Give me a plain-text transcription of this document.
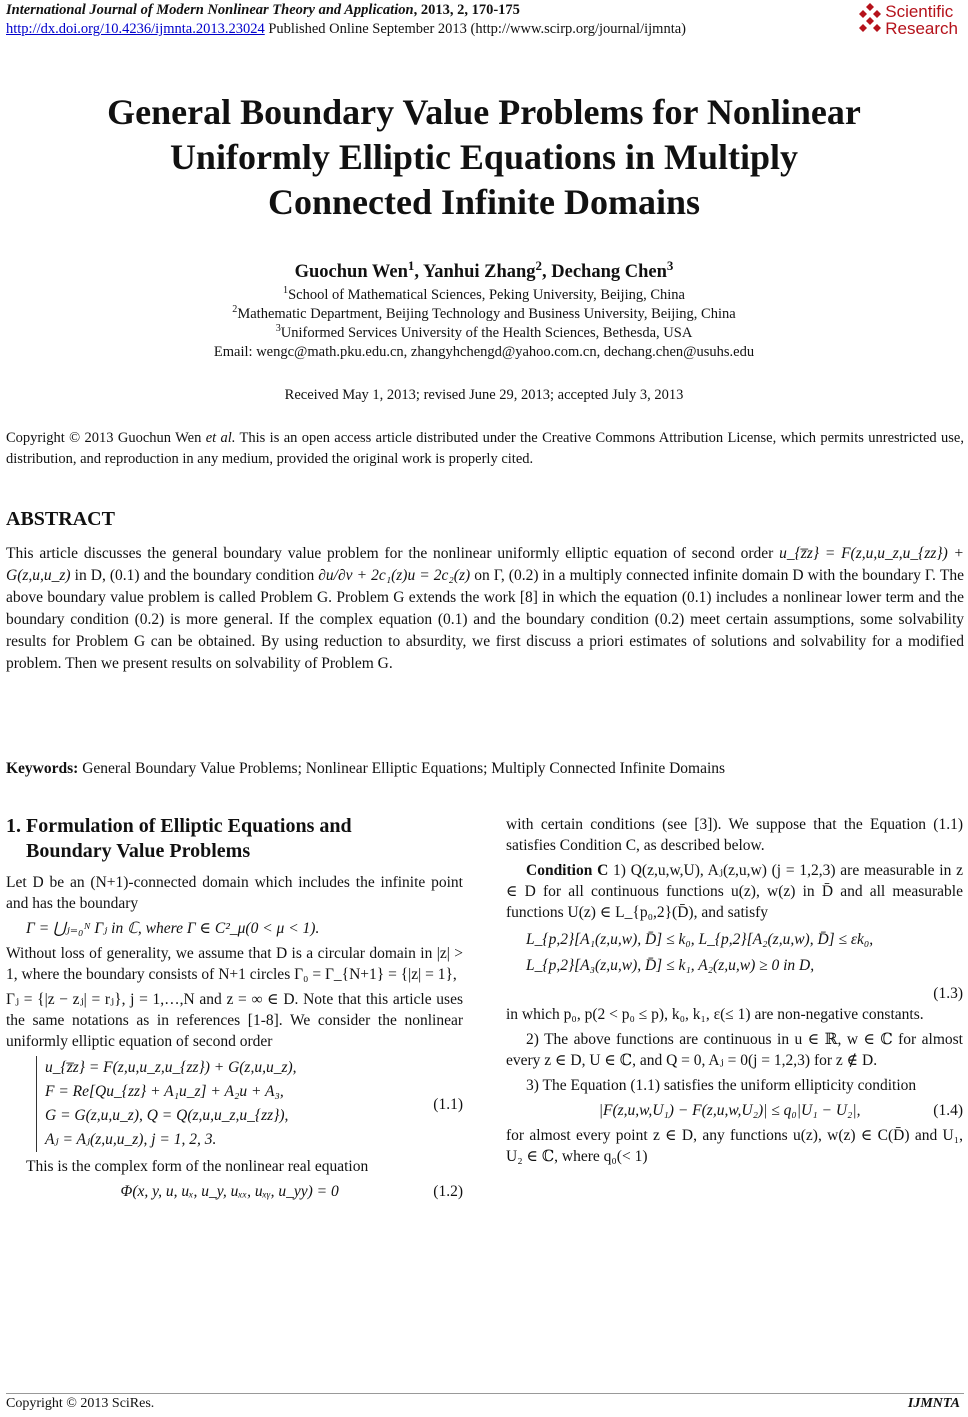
International Journal of Modern Nonlinear Theory and Application, 2013, 2, 170-175
http://dx.doi.org/10.4236/ijmnta.2013.23024 Published Online September 2013 (http://www.scirp.org/journal/ijmnta)
Scientific
Research
General Boundary Value Problems for Nonlinear
Uniformly Elliptic Equations in Multiply
Connected Infinite Domains
Guochun Wen$^1$, Yanhui Zhang$^2$, Dechang Chen$^3$
$^1$School of Mathematical Sciences, Peking University, Beijing, China
$^2$Mathematic Department, Beijing Technology and Business University, Beijing, China
$^3$Uniformed Services University of the Health Sciences, Bethesda, USA
Email: wengc@math.pku.edu.cn, zhangyhchengd@yahoo.com.cn, dechang.chen@usuhs.edu
Received May 1, 2013; revised June 29, 2013; accepted July 3, 2013
Copyright © 2013 Guochun Wen et al. This is an open access article distributed under the Creative Commons Attribution License, which permits unrestricted use, distribution, and reproduction in any medium, provided the original work is properly cited.
ABSTRACT
This article discusses the general boundary value problem for the nonlinear uniformly elliptic equation of second order u_{z̅z} = F(z,u,u_z,u_{zz}) + G(z,u,u_z) in D, (0.1) and the boundary condition ∂u/∂ν + 2c₁(z)u = 2c₂(z) on Γ, (0.2) in a multiply connected infinite domain D with the boundary Γ. The above boundary value problem is called Problem G. Problem G extends the work [8] in which the equation (0.1) includes a nonlinear lower term and the boundary condition (0.2) is more general. If the complex equation (0.1) and the boundary condition (0.2) meet certain assumptions, some solvability results for Problem G can be obtained. By using reduction to absurdity, we first discuss a priori estimates of solutions and solvability for a modified problem. Then we present results on solvability of Problem G.
Keywords: General Boundary Value Problems; Nonlinear Elliptic Equations; Multiply Connected Infinite Domains
1. Formulation of Elliptic Equations and
Boundary Value Problems

Let D be an (N+1)-connected domain which includes the infinite point and has the boundary

Γ = ⋃ⱼ₌₀ᴺ Γⱼ in ℂ, where Γ ∈ C²_μ(0 < μ < 1).

Without loss of generality, we assume that D is a circular domain in |z| > 1, where the boundary consists of N+1 circles Γ₀ = Γ_{N+1} = {|z| = 1},

Γⱼ = {|z − zⱼ| = rⱼ}, j = 1,…,N and z = ∞ ∈ D. Note that this article uses the same notations as in references [1-8]. We consider the nonlinear uniformly elliptic equation of second order

u_{z̅z} = F(z,u,u_z,u_{zz}) + G(z,u,u_z),
F = Re[Qu_{zz} + A₁u_z] + A₂u + A₃,
G = G(z,u,u_z), Q = Q(z,u,u_z,u_{zz}),
Aⱼ = Aⱼ(z,u,u_z), j = 1, 2, 3.
(1.1)

This is the complex form of the nonlinear real equation

Φ(x, y, u, uₓ, u_y, uₓₓ, uₓᵧ, u_yy) = 0	(1.2)

with certain conditions (see [3]). We suppose that the Equation (1.1) satisfies Condition C, as described below.

Condition C 1) Q(z,u,w,U), Aⱼ(z,u,w) (j = 1,2,3) are measurable in z ∈ D for all continuous functions u(z), w(z) in D̄ and all measurable functions U(z) ∈ L_{p₀,2}(D̄), and satisfy

L_{p,2}[A₁(z,u,w), D̄] ≤ k₀, L_{p,2}[A₂(z,u,w), D̄] ≤ εk₀,
L_{p,2}[A₃(z,u,w), D̄] ≤ k₁, A₂(z,u,w) ≥ 0 in D,
(1.3)

in which p₀, p(2 < p₀ ≤ p), k₀, k₁, ε(≤ 1) are non-negative constants.

2) The above functions are continuous in u ∈ ℝ, w ∈ ℂ for almost every z ∈ D, U ∈ ℂ, and Q = 0, Aⱼ = 0(j = 1,2,3) for z ∉ D.

3) The Equation (1.1) satisfies the uniform ellipticity condition

|F(z,u,w,U₁) − F(z,u,w,U₂)| ≤ q₀|U₁ − U₂|,	(1.4)

for almost every point z ∈ D, any functions u(z), w(z) ∈ C(D̄) and U₁, U₂ ∈ ℂ, where q₀(< 1)

Copyright © 2013 SciRes.	IJMNTA
